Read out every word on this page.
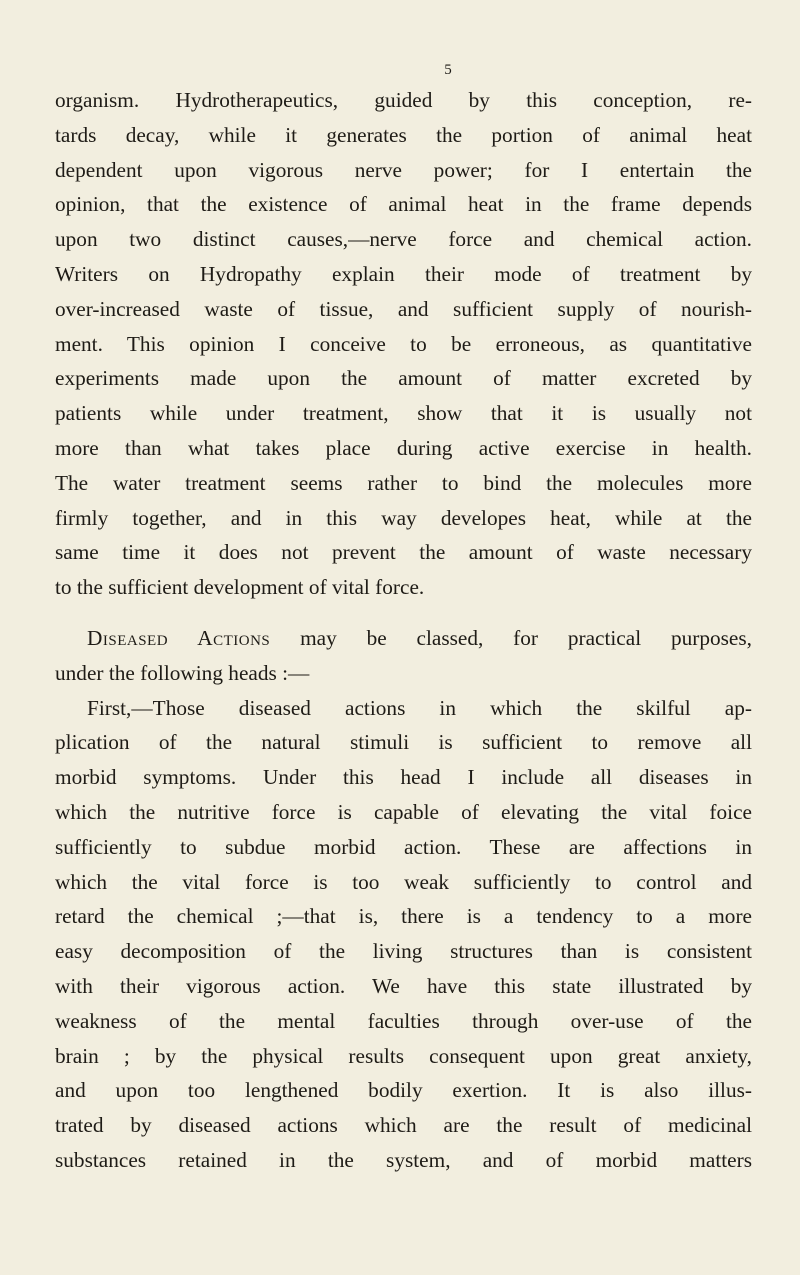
5

organism. Hydrotherapeutics, guided by this conception, re-

tards decay, while it generates the portion of animal heat

dependent upon vigorous nerve power; for I entertain the

opinion, that the existence of animal heat in the frame depends

upon two distinct causes,—nerve force and chemical action.

Writers on Hydropathy explain their mode of treatment by

over-increased waste of tissue, and sufficient supply of nourish-

ment. This opinion I conceive to be erroneous, as quantitative

experiments made upon the amount of matter excreted by

patients while under treatment, show that it is usually not

more than what takes place during active exercise in health.

The water treatment seems rather to bind the molecules more

firmly together, and in this way developes heat, while at the

same time it does not prevent the amount of waste necessary

to the sufficient development of vital force.

Diseased Actions may be classed, for practical purposes,

under the following heads :—

First,—Those diseased actions in which the skilful ap-

plication of the natural stimuli is sufficient to remove all

morbid symptoms. Under this head I include all diseases in

which the nutritive force is capable of elevating the vital foice

sufficiently to subdue morbid action. These are affections in

which the vital force is too weak sufficiently to control and

retard the chemical ;—that is, there is a tendency to a more

easy decomposition of the living structures than is consistent

with their vigorous action. We have this state illustrated by

weakness of the mental faculties through over-use of the

brain ; by the physical results consequent upon great anxiety,

and upon too lengthened bodily exertion. It is also illus-

trated by diseased actions which are the result of medicinal

substances retained in the system, and of morbid matters
